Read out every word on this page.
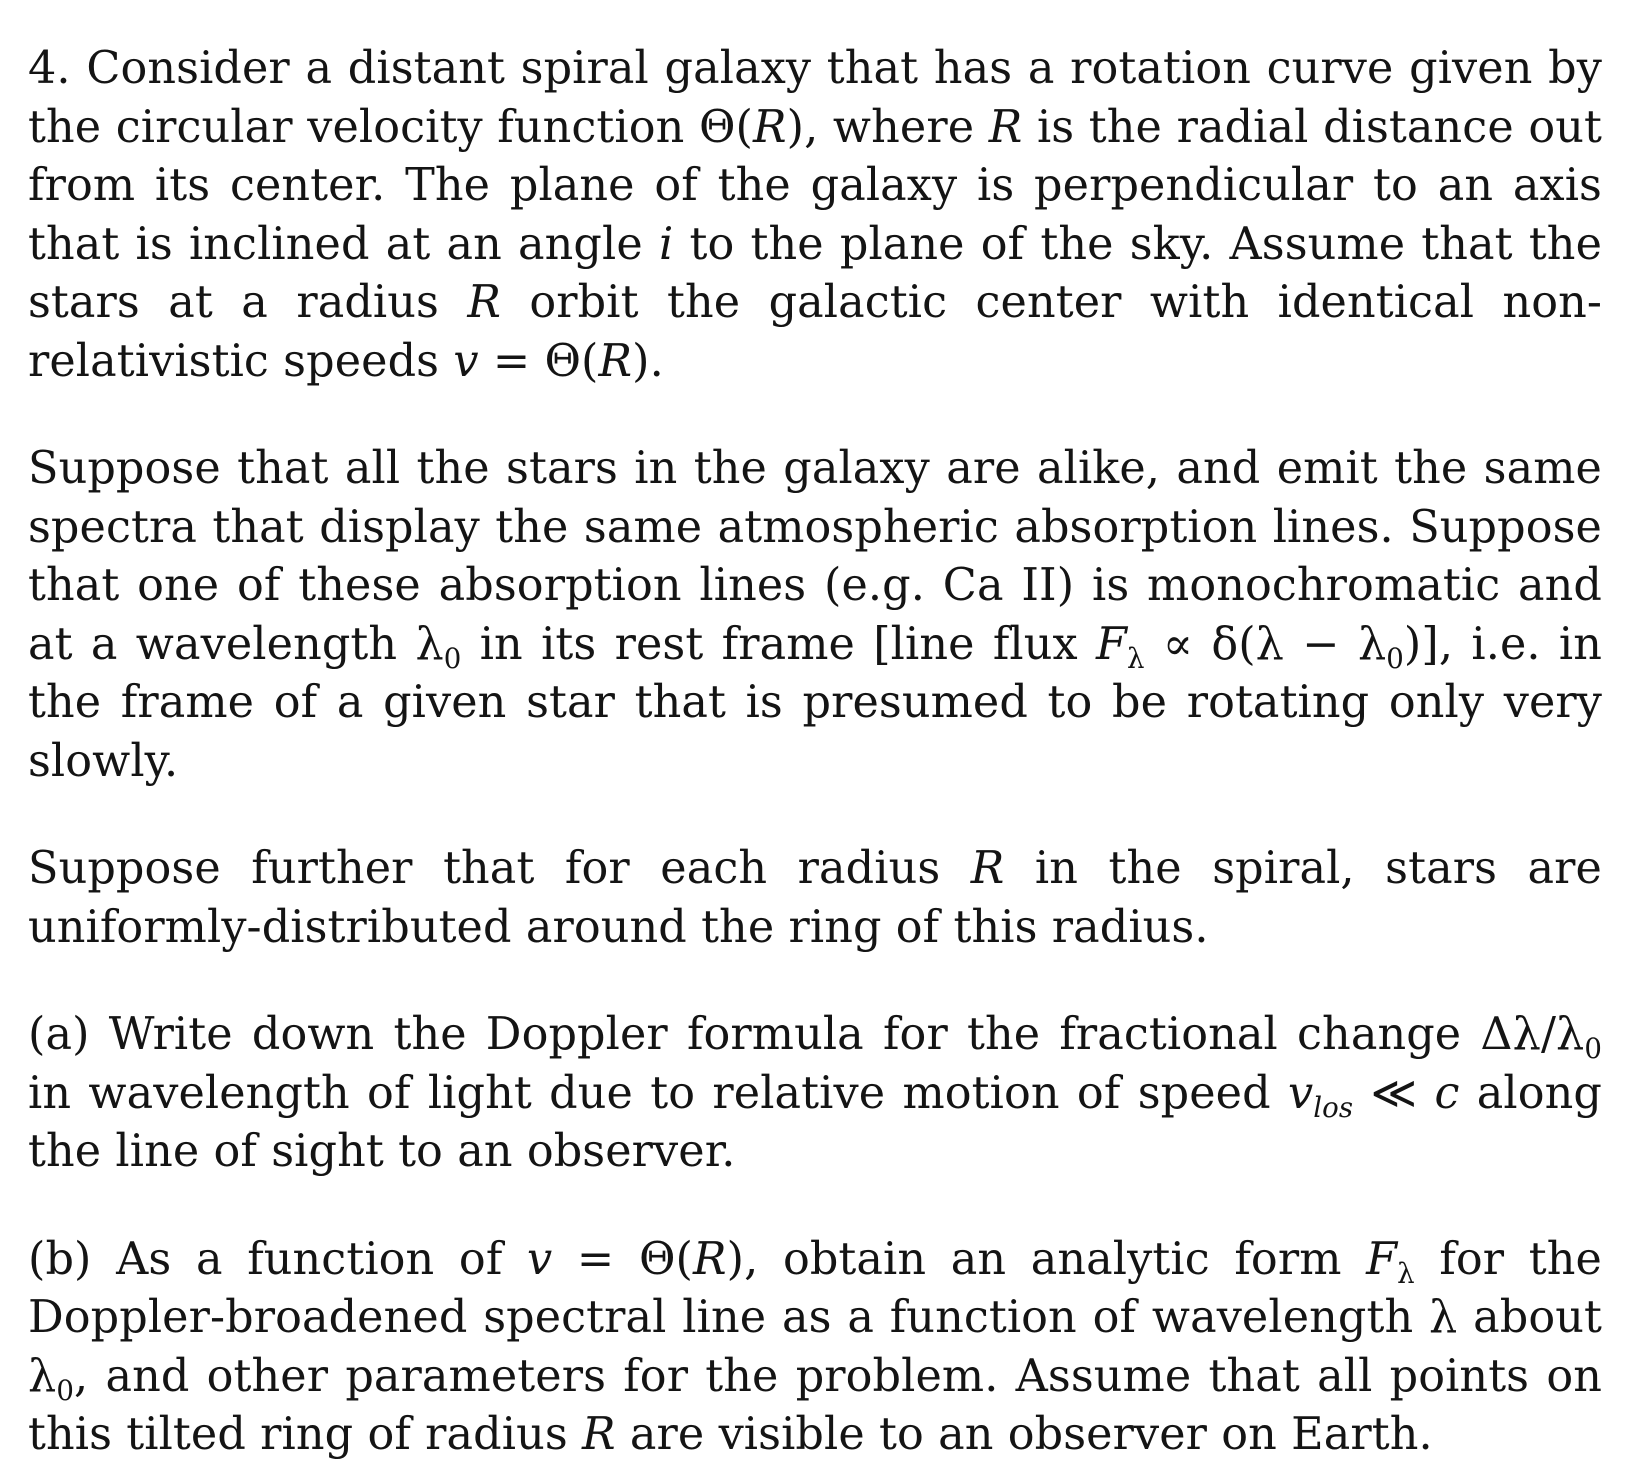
4. Consider a distant spiral galaxy that has a rotation curve given by the circular velocity function Θ(R), where R is the radial distance out from its center. The plane of the galaxy is perpendicular to an axis that is inclined at an angle i to the plane of the sky. Assume that the stars at a radius R orbit the galactic center with identical non-relativistic speeds v = Θ(R).

Suppose that all the stars in the galaxy are alike, and emit the same spectra that display the same atmospheric absorption lines. Suppose that one of these absorption lines (e.g. Ca II) is monochromatic and at a wavelength $\lambda_0$ in its rest frame [line flux $F_\lambda \propto \delta(\lambda - \lambda_0)$], i.e. in the frame of a given star that is presumed to be rotating only very slowly.

Suppose further that for each radius R in the spiral, stars are uniformly-distributed around the ring of this radius.

(a) Write down the Doppler formula for the fractional change $\Delta\lambda/\lambda_0$ in wavelength of light due to relative motion of speed $v_{los}$ ≪ c along the line of sight to an observer.

(b) As a function of v = Θ(R), obtain an analytic form $F_\lambda$ for the Doppler-broadened spectral line as a function of wavelength λ about $\lambda_0$, and other parameters for the problem. Assume that all points on this tilted ring of radius R are visible to an observer on Earth.
